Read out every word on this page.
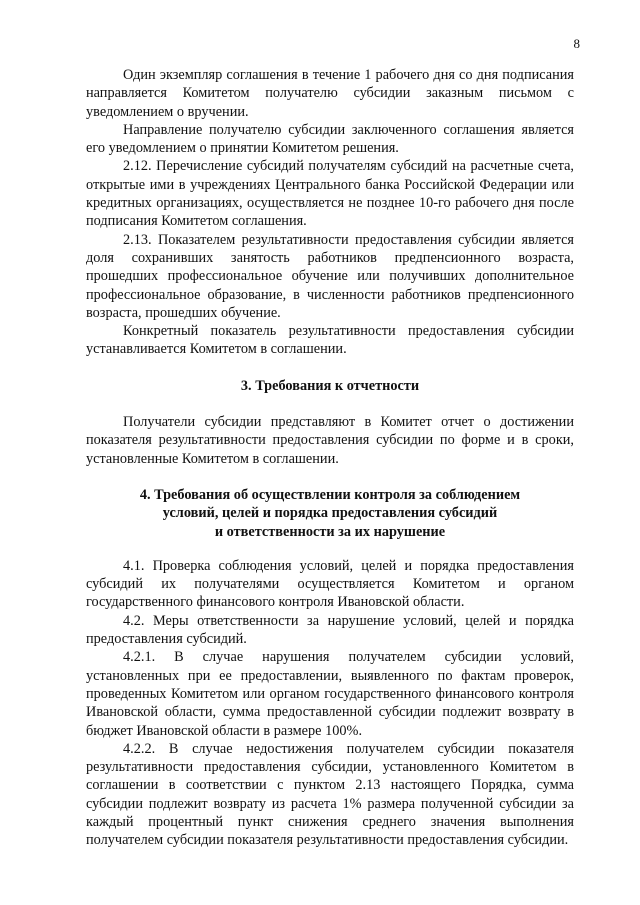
8

Один экземпляр соглашения в течение 1 рабочего дня со дня подписания направляется Комитетом получателю субсидии заказным письмом с уведомлением о вручении.

Направление получателю субсидии заключенного соглашения является его уведомлением о принятии Комитетом решения.

2.12. Перечисление субсидий получателям субсидий на расчетные счета, открытые ими в учреждениях Центрального банка Российской Федерации или кредитных организациях, осуществляется не позднее 10-го рабочего дня после подписания Комитетом соглашения.

2.13. Показателем результативности предоставления субсидии является доля сохранивших занятость работников предпенсионного возраста, прошедших профессиональное обучение или получивших дополнительное профессиональное образование, в численности работников предпенсионного возраста, прошедших обучение.

Конкретный показатель результативности предоставления субсидии устанавливается Комитетом в соглашении.

3. Требования к отчетности

Получатели субсидии представляют в Комитет отчет о достижении показателя результативности предоставления субсидии по форме и в сроки, установленные Комитетом в соглашении.

4. Требования об осуществлении контроля за соблюдением

условий, целей и порядка предоставления субсидий

и ответственности за их нарушение

4.1. Проверка соблюдения условий, целей и порядка предоставления субсидий их получателями осуществляется Комитетом и органом государственного финансового контроля Ивановской области.

4.2. Меры ответственности за нарушение условий, целей и порядка предоставления субсидий.

4.2.1. В случае нарушения получателем субсидии условий, установленных при ее предоставлении, выявленного по фактам проверок, проведенных Комитетом или органом государственного финансового контроля Ивановской области, сумма предоставленной субсидии подлежит возврату в бюджет Ивановской области в размере 100%.

4.2.2. В случае недостижения получателем субсидии показателя результативности предоставления субсидии, установленного Комитетом в соглашении в соответствии с пунктом 2.13 настоящего Порядка, сумма субсидии подлежит возврату из расчета 1% размера полученной субсидии за каждый процентный пункт снижения среднего значения выполнения получателем субсидии показателя результативности предоставления субсидии.
